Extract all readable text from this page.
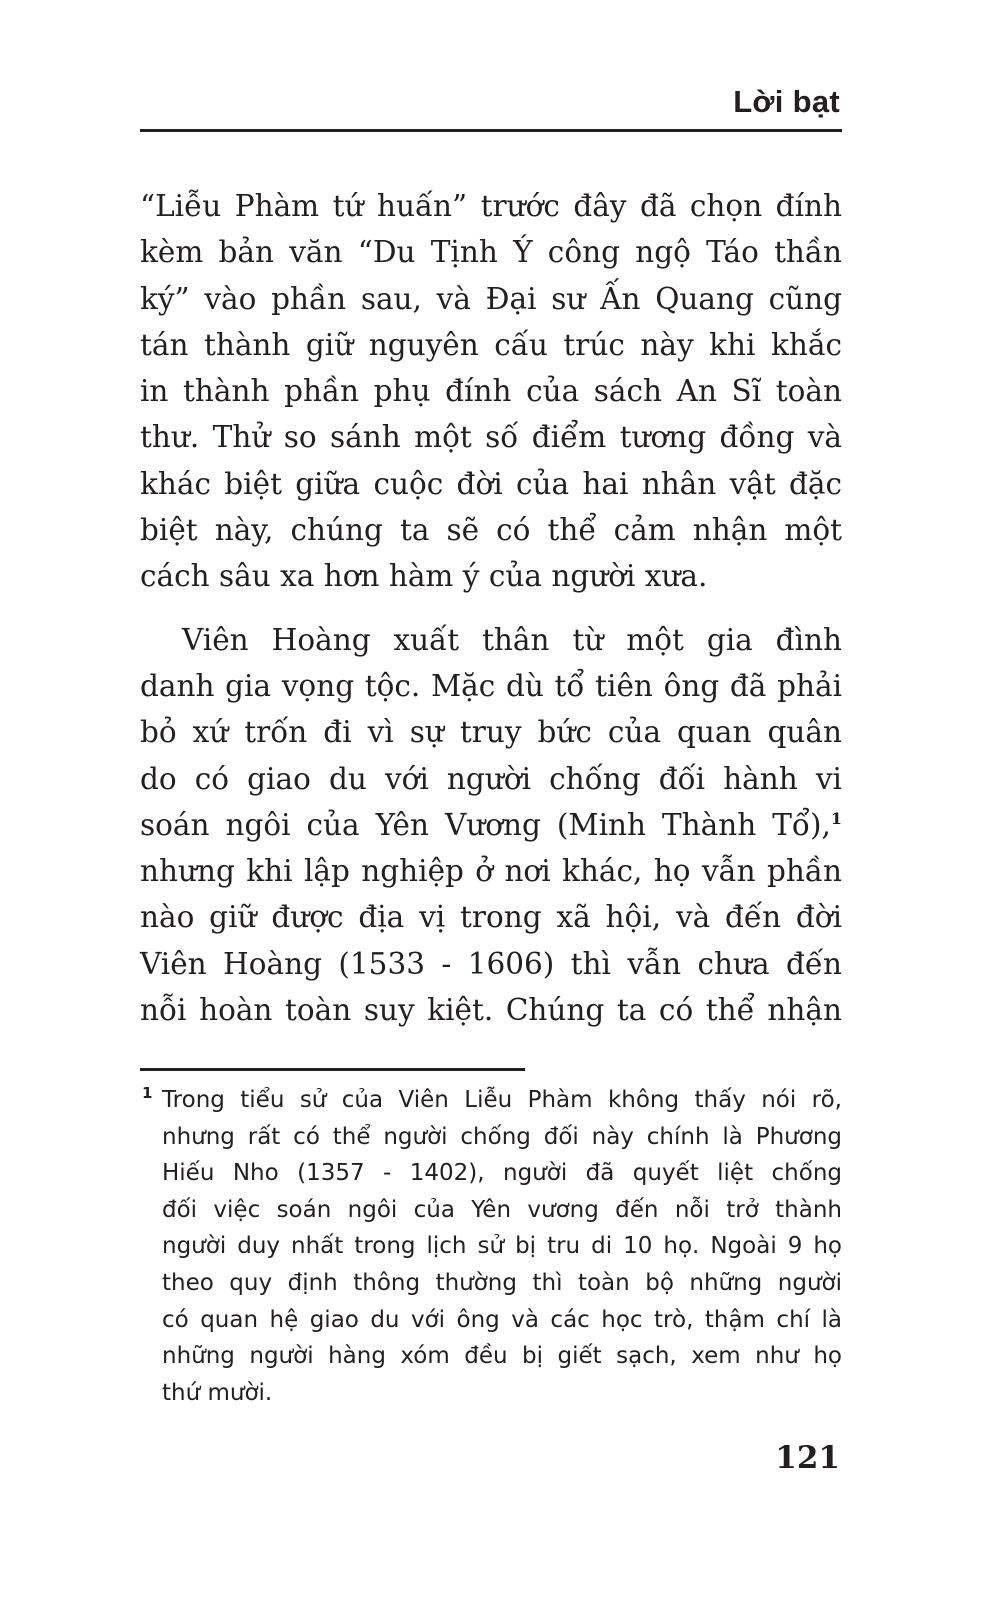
Lời bạt
“Liễu Phàm tứ huấn” trước đây đã chọn đính
kèm bản văn “Du Tịnh Ý công ngộ Táo thần
ký” vào phần sau, và Đại sư Ấn Quang cũng
tán thành giữ nguyên cấu trúc này khi khắc
in thành phần phụ đính của sách An Sĩ toàn
thư. Thử so sánh một số điểm tương đồng và
khác biệt giữa cuộc đời của hai nhân vật đặc
biệt này, chúng ta sẽ có thể cảm nhận một
cách sâu xa hơn hàm ý của người xưa.
Viên Hoàng xuất thân từ một gia đình
danh gia vọng tộc. Mặc dù tổ tiên ông đã phải
bỏ xứ trốn đi vì sự truy bức của quan quân
do có giao du với người chống đối hành vi
soán ngôi của Yên Vương (Minh Thành Tổ),$^1$
nhưng khi lập nghiệp ở nơi khác, họ vẫn phần
nào giữ được địa vị trong xã hội, và đến đời
Viên Hoàng (1533 - 1606) thì vẫn chưa đến
nỗi hoàn toàn suy kiệt. Chúng ta có thể nhận
1 Trong tiểu sử của Viên Liễu Phàm không thấy nói rõ,
nhưng rất có thể người chống đối này chính là Phương
Hiếu Nho (1357 - 1402), người đã quyết liệt chống
đối việc soán ngôi của Yên vương đến nỗi trở thành
người duy nhất trong lịch sử bị tru di 10 họ. Ngoài 9 họ
theo quy định thông thường thì toàn bộ những người
có quan hệ giao du với ông và các học trò, thậm chí là
những người hàng xóm đều bị giết sạch, xem như họ
thứ mười.
121
